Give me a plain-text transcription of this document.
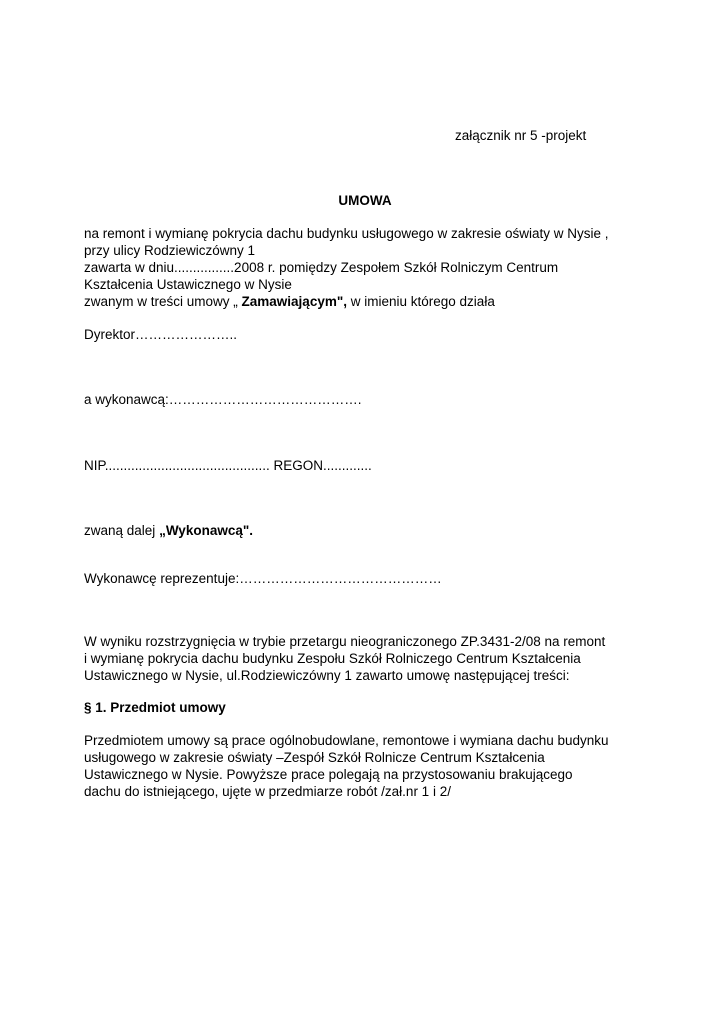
załącznik nr 5 -projekt
UMOWA
na remont i wymianę pokrycia dachu budynku usługowego w zakresie oświaty w Nysie ,
przy ulicy Rodziewiczówny 1
zawarta w dniu................2008 r. pomiędzy Zespołem Szkół Rolniczym Centrum
Kształcenia Ustawicznego w Nysie
zwanym w treści umowy „ Zamawiającym", w imieniu którego działa
Dyrektor…………………..
a wykonawcą:…………………………………….
NIP............................................ REGON.............
zwaną dalej „Wykonawcą".
Wykonawcę reprezentuje:………………………………………
W wyniku rozstrzygnięcia w trybie przetargu nieograniczonego ZP.3431-2/08 na remont
i wymianę pokrycia dachu budynku Zespołu Szkół Rolniczego Centrum Kształcenia
Ustawicznego w Nysie, ul.Rodziewiczówny 1 zawarto umowę następującej treści:
§ 1. Przedmiot umowy
Przedmiotem umowy są prace ogólnobudowlane, remontowe i wymiana dachu budynku
usługowego w zakresie oświaty –Zespół Szkół Rolnicze Centrum Kształcenia
Ustawicznego w Nysie. Powyższe prace polegają na przystosowaniu brakującego
dachu do istniejącego, ujęte w przedmiarze robót /zał.nr 1 i 2/
